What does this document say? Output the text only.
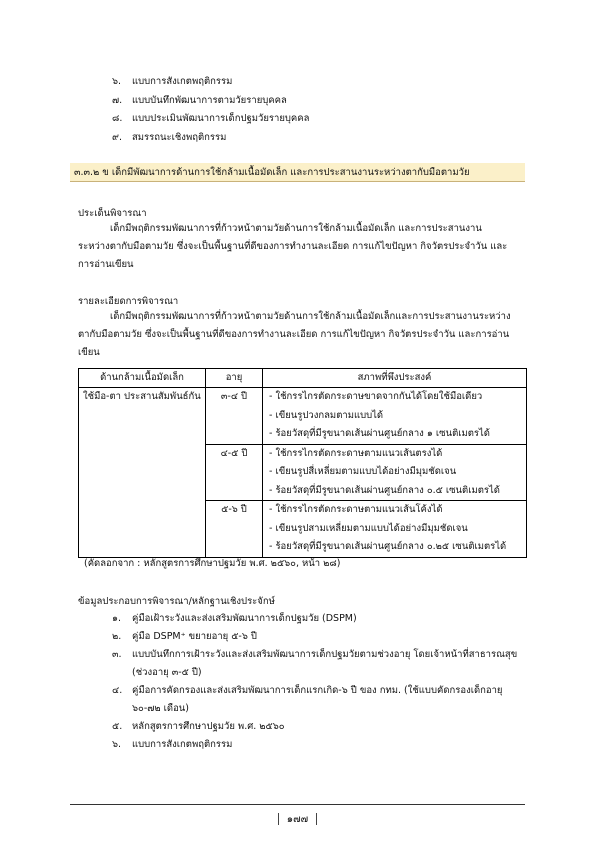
๖. แบบการสังเกตพฤติกรรม
๗. แบบบันทึกพัฒนาการตามวัยรายบุคคล
๘. แบบประเมินพัฒนาการเด็กปฐมวัยรายบุคคล
๙. สมรรถนะเชิงพฤติกรรม
๓.๓.๒ ข เด็กมีพัฒนาการด้านการใช้กล้ามเนื้อมัดเล็ก และการประสานงานระหว่างตากับมือตามวัย
ประเด็นพิจารณา
เด็กมีพฤติกรรมพัฒนาการที่ก้าวหน้าตามวัยด้านการใช้กล้ามเนื้อมัดเล็ก และการประสานงาน
ระหว่างตากับมือตามวัย ซึ่งจะเป็นพื้นฐานที่ดีของการทำงานละเอียด การแก้ไขปัญหา กิจวัตรประจำวัน และ
การอ่านเขียน
รายละเอียดการพิจารณา
เด็กมีพฤติกรรมพัฒนาการที่ก้าวหน้าตามวัยด้านการใช้กล้ามเนื้อมัดเล็กและการประสานงานระหว่าง
ตากับมือตามวัย ซึ่งจะเป็นพื้นฐานที่ดีของการทำงานละเอียด การแก้ไขปัญหา กิจวัตรประจำวัน และการอ่าน
เขียน
ด้านกล้ามเนื้อมัดเล็ก	อายุ	สภาพที่พึงประสงค์

ใช้มือ-ตา ประสานสัมพันธ์กัน	๓-๔ ปี	- ใช้กรรไกรตัดกระดาษขาดจากกันได้โดยใช้มือเดียว
- เขียนรูปวงกลมตามแบบได้
- ร้อยวัสดุที่มีรูขนาดเส้นผ่านศูนย์กลาง ๑ เซนติเมตรได้

	๔-๕ ปี	- ใช้กรรไกรตัดกระดาษตามแนวเส้นตรงได้
- เขียนรูปสี่เหลี่ยมตามแบบได้อย่างมีมุมชัดเจน
- ร้อยวัสดุที่มีรูขนาดเส้นผ่านศูนย์กลาง ๐.๕ เซนติเมตรได้

	๕-๖ ปี	- ใช้กรรไกรตัดกระดาษตามแนวเส้นโค้งได้
- เขียนรูปสามเหลี่ยมตามแบบได้อย่างมีมุมชัดเจน
- ร้อยวัสดุที่มีรูขนาดเส้นผ่านศูนย์กลาง ๐.๒๕ เซนติเมตรได้
(คัดลอกจาก : หลักสูตรการศึกษาปฐมวัย พ.ศ. ๒๕๖๐, หน้า ๒๘)
ข้อมูลประกอบการพิจารณา/หลักฐานเชิงประจักษ์
๑. คู่มือเฝ้าระวังและส่งเสริมพัฒนาการเด็กปฐมวัย (DSPM)
๒. คู่มือ DSPM⁺ ขยายอายุ ๕-๖ ปี
๓. แบบบันทึกการเฝ้าระวังและส่งเสริมพัฒนาการเด็กปฐมวัยตามช่วงอายุ โดยเจ้าหน้าที่สาธารณสุข
(ช่วงอายุ ๓-๕ ปี)
๔. คู่มือการคัดกรองและส่งเสริมพัฒนาการเด็กแรกเกิด-๖ ปี ของ กทม. (ใช้แบบคัดกรองเด็กอายุ
๖๐-๗๒ เดือน)
๕. หลักสูตรการศึกษาปฐมวัย พ.ศ. ๒๕๖๐
๖. แบบการสังเกตพฤติกรรม
๑๗๗
